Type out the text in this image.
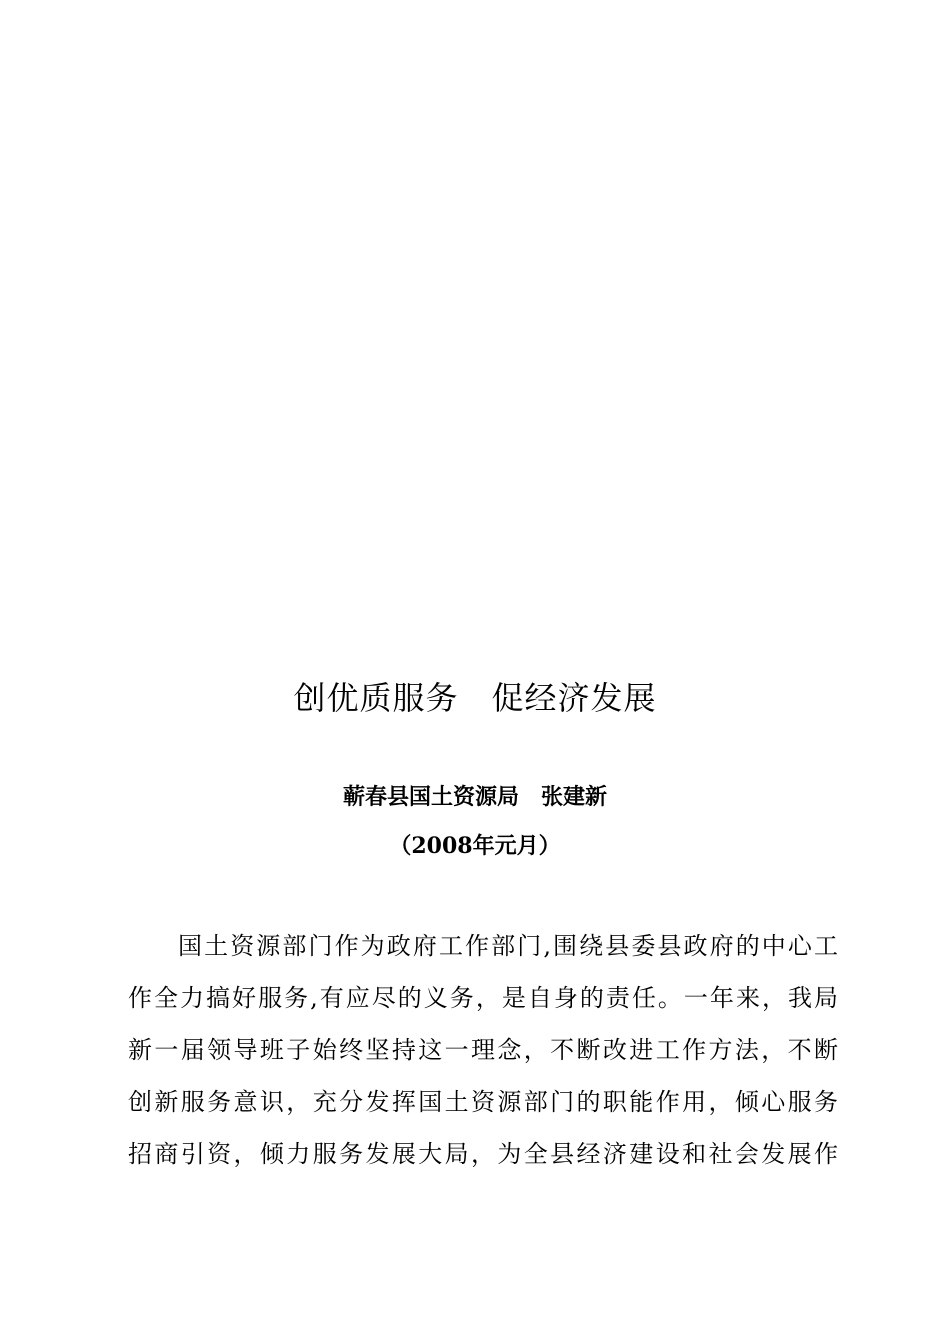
创优质服务　促经济发展
蕲春县国土资源局　张建新
（2008年元月）
国土资源部门作为政府工作部门,围绕县委县政府的中心工
作全力搞好服务,有应尽的义务，是自身的责任。一年来，我局
新一届领导班子始终坚持这一理念，不断改进工作方法，不断
创新服务意识，充分发挥国土资源部门的职能作用，倾心服务
招商引资，倾力服务发展大局，为全县经济建设和社会发展作
